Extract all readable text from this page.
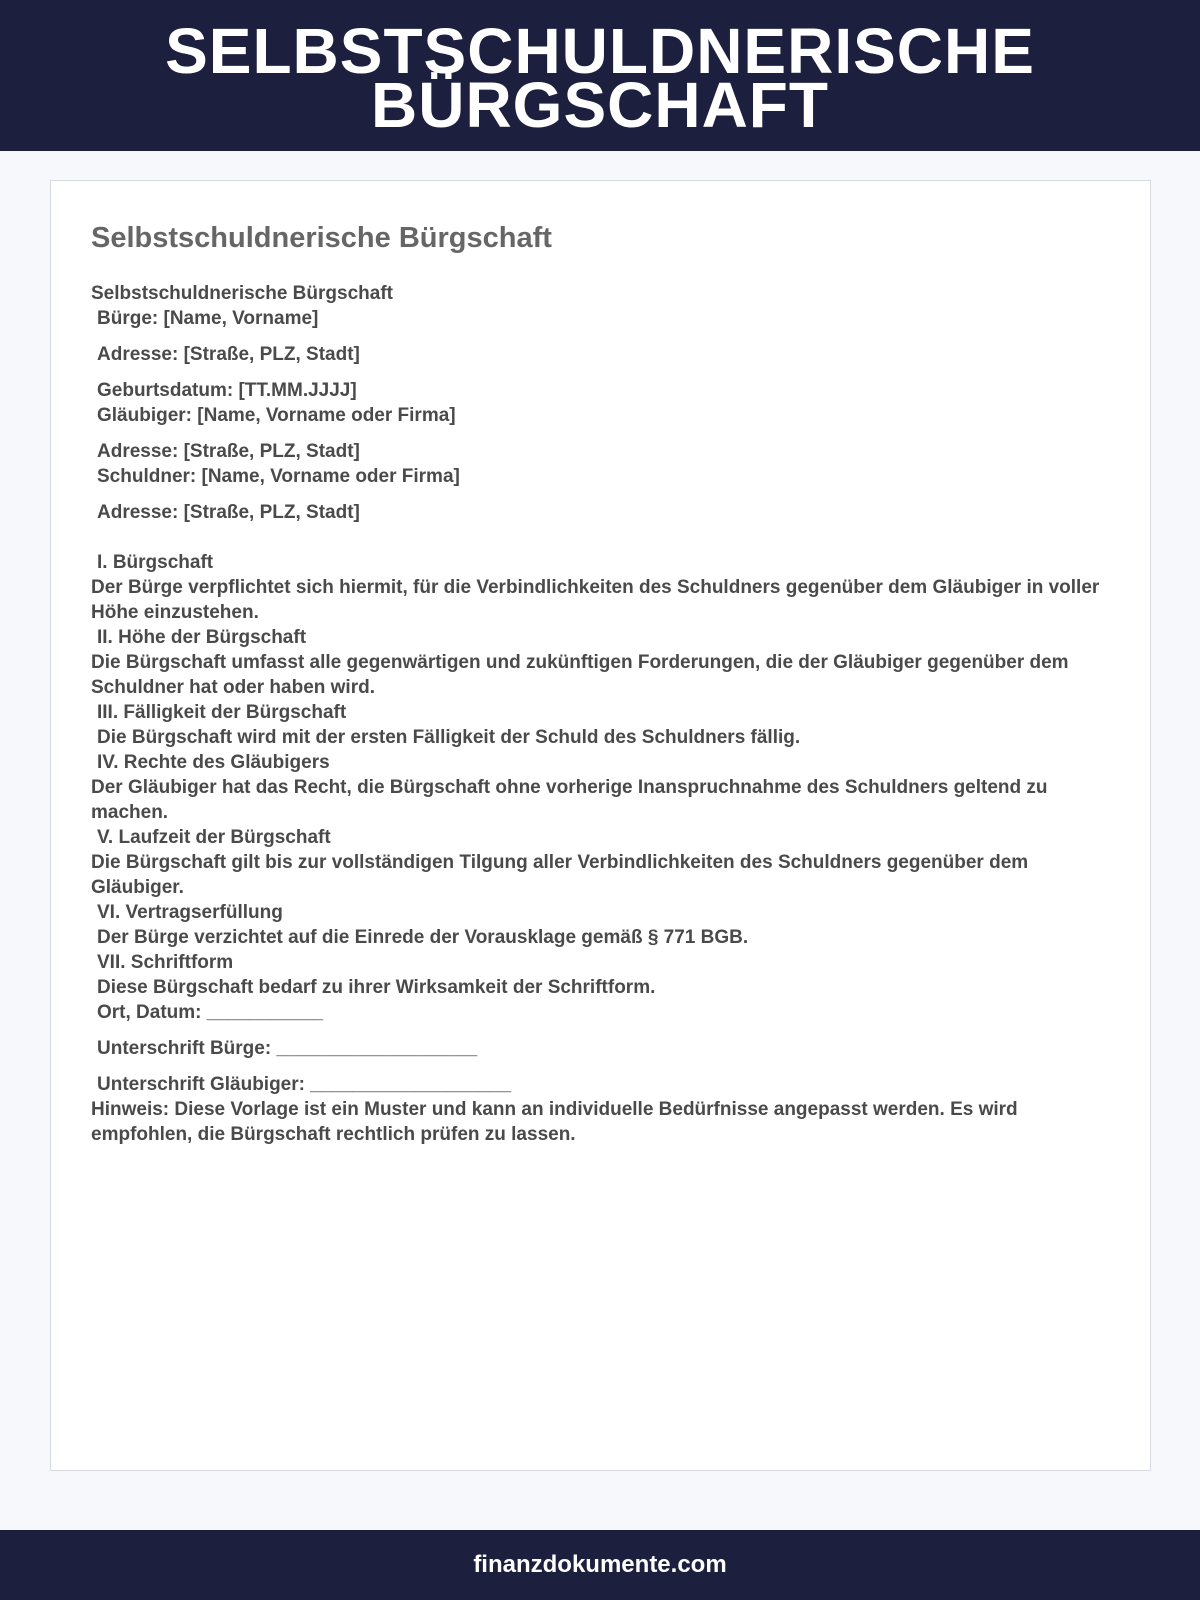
SELBSTSCHULDNERISCHE
BÜRGSCHAFT
Selbstschuldnerische Bürgschaft
Selbstschuldnerische Bürgschaft
Bürge: [Name, Vorname]
Adresse: [Straße, PLZ, Stadt]
Geburtsdatum: [TT.MM.JJJJ]
Gläubiger: [Name, Vorname oder Firma]
Adresse: [Straße, PLZ, Stadt]
Schuldner: [Name, Vorname oder Firma]
Adresse: [Straße, PLZ, Stadt]
I. Bürgschaft
Der Bürge verpflichtet sich hiermit, für die Verbindlichkeiten des Schuldners gegenüber dem Gläubiger in voller Höhe einzustehen.
II. Höhe der Bürgschaft
Die Bürgschaft umfasst alle gegenwärtigen und zukünftigen Forderungen, die der Gläubiger gegenüber dem Schuldner hat oder haben wird.
III. Fälligkeit der Bürgschaft
Die Bürgschaft wird mit der ersten Fälligkeit der Schuld des Schuldners fällig.
IV. Rechte des Gläubigers
Der Gläubiger hat das Recht, die Bürgschaft ohne vorherige Inanspruchnahme des Schuldners geltend zu machen.
V. Laufzeit der Bürgschaft
Die Bürgschaft gilt bis zur vollständigen Tilgung aller Verbindlichkeiten des Schuldners gegenüber dem Gläubiger.
VI. Vertragserfüllung
Der Bürge verzichtet auf die Einrede der Vorausklage gemäß § 771 BGB.
VII. Schriftform
Diese Bürgschaft bedarf zu ihrer Wirksamkeit der Schriftform.
Ort, Datum: ___________
Unterschrift Bürge: ___________________
Unterschrift Gläubiger: ___________________
Hinweis: Diese Vorlage ist ein Muster und kann an individuelle Bedürfnisse angepasst werden. Es wird empfohlen, die Bürgschaft rechtlich prüfen zu lassen.
finanzdokumente.com
